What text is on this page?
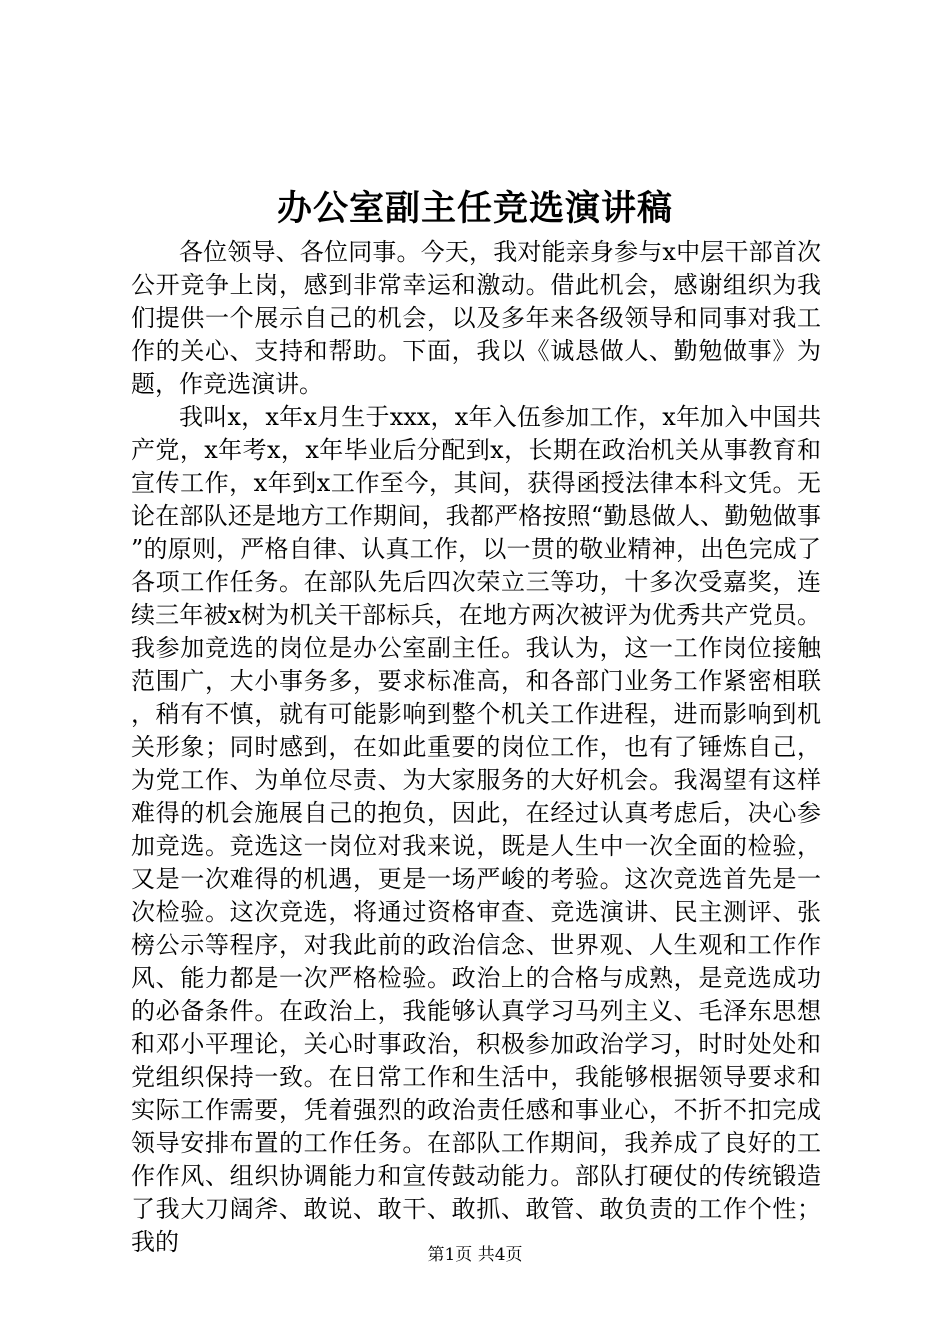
办公室副主任竞选演讲稿

各位领导、各位同事。今天，我对能亲身参与x中层干部首次公开竞争上岗，感到非常幸运和激动。借此机会，感谢组织为我们提供一个展示自己的机会，以及多年来各级领导和同事对我工作的关心、支持和帮助。下面，我以《诚恳做人、勤勉做事》为题，作竞选演讲。

我叫x，x年x月生于xxx，x年入伍参加工作，x年加入中国共产党，x年考x，x年毕业后分配到x，长期在政治机关从事教育和宣传工作，x年到x工作至今，其间，获得函授法律本科文凭。无论在部队还是地方工作期间，我都严格按照“勤恳做人、勤勉做事”的原则，严格自律、认真工作，以一贯的敬业精神，出色完成了各项工作任务。在部队先后四次荣立三等功，十多次受嘉奖，连续三年被x树为机关干部标兵，在地方两次被评为优秀共产党员。我参加竞选的岗位是办公室副主任。我认为，这一工作岗位接触范围广，大小事务多，要求标准高，和各部门业务工作紧密相联，稍有不慎，就有可能影响到整个机关工作进程，进而影响到机关形象；同时感到，在如此重要的岗位工作，也有了锤炼自己，为党工作、为单位尽责、为大家服务的大好机会。我渴望有这样难得的机会施展自己的抱负，因此，在经过认真考虑后，决心参加竞选。竞选这一岗位对我来说，既是人生中一次全面的检验，又是一次难得的机遇，更是一场严峻的考验。这次竞选首先是一次检验。这次竞选，将通过资格审查、竞选演讲、民主测评、张榜公示等程序，对我此前的政治信念、世界观、人生观和工作作风、能力都是一次严格检验。政治上的合格与成熟，是竞选成功的必备条件。在政治上，我能够认真学习马列主义、毛泽东思想和邓小平理论，关心时事政治，积极参加政治学习，时时处处和党组织保持一致。在日常工作和生活中，我能够根据领导要求和实际工作需要，凭着强烈的政治责任感和事业心，不折不扣完成领导安排布置的工作任务。在部队工作期间，我养成了良好的工作作风、组织协调能力和宣传鼓动能力。部队打硬仗的传统锻造了我大刀阔斧、敢说、敢干、敢抓、敢管、敢负责的工作个性；我的	第1页 共4页
